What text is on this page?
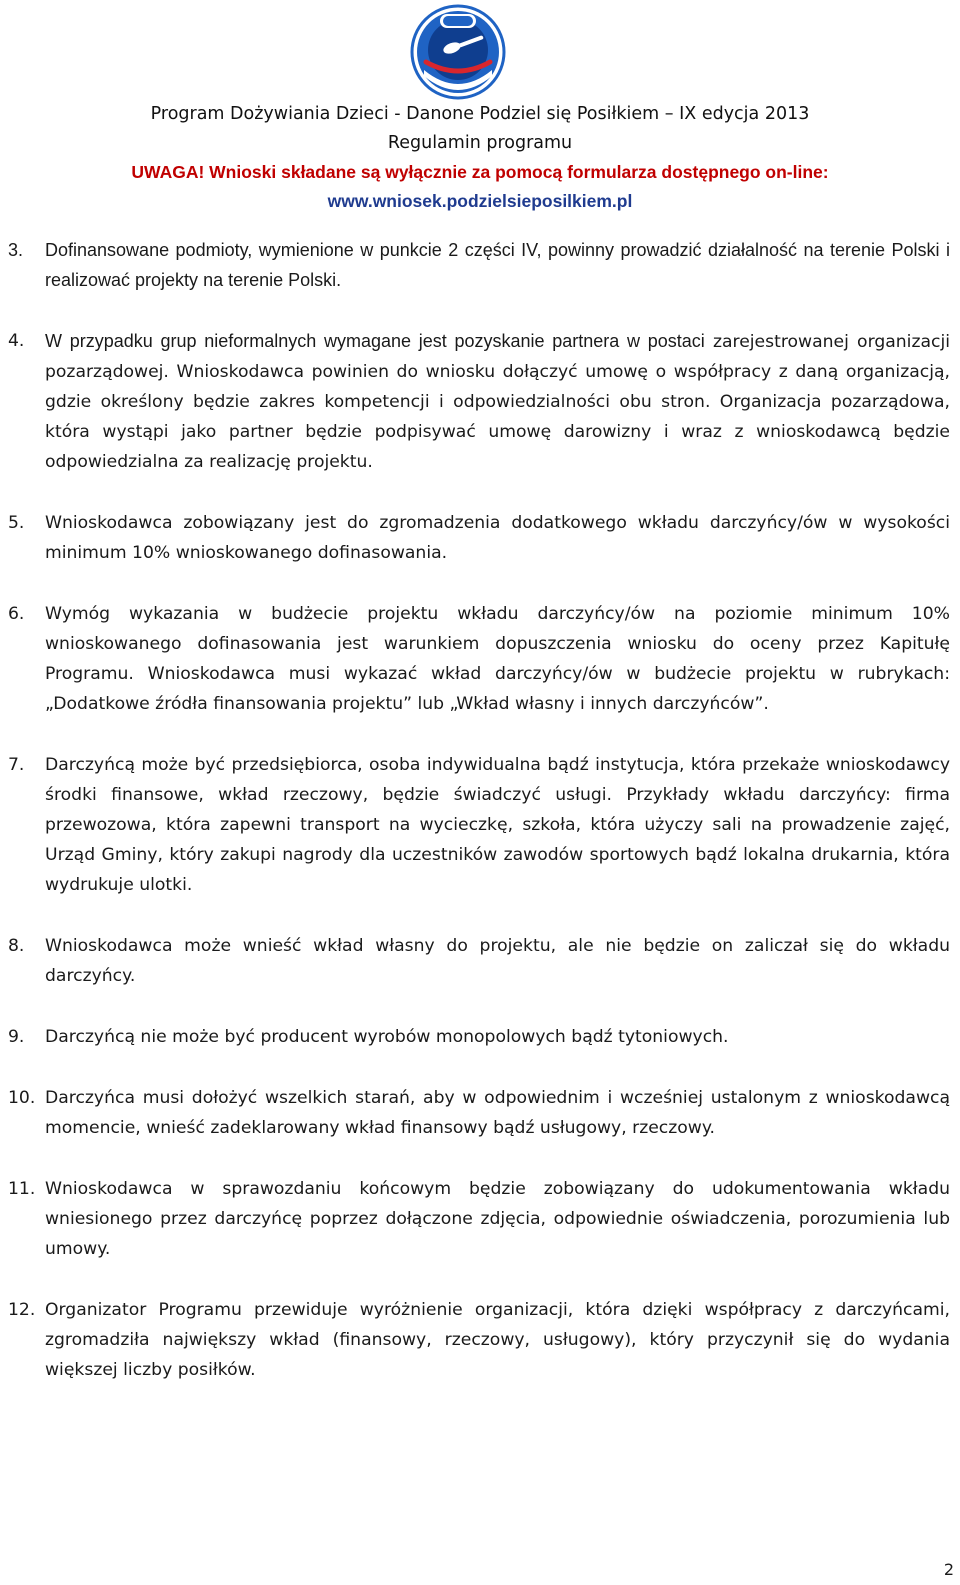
Program Dożywiania Dzieci - Danone Podziel się Posiłkiem – IX edycja 2013
Regulamin programu
UWAGA! Wnioski składane są wyłącznie za pomocą formularza dostępnego on-line:
www.wniosek.podzielsieposilkiem.pl
3. Dofinansowane podmioty, wymienione w punkcie 2 części IV, powinny prowadzić działalność na terenie Polski i realizować projekty na terenie Polski.
4. W przypadku grup nieformalnych wymagane jest pozyskanie partnera w postaci zarejestrowanej organizacji pozarządowej. Wnioskodawca powinien do wniosku dołączyć umowę o współpracy z daną organizacją, gdzie określony będzie zakres kompetencji i odpowiedzialności obu stron. Organizacja pozarządowa, która wystąpi jako partner będzie podpisywać umowę darowizny i wraz z wnioskodawcą będzie odpowiedzialna za realizację projektu.
5. Wnioskodawca zobowiązany jest do zgromadzenia dodatkowego wkładu darczyńcy/ów w wysokości minimum 10% wnioskowanego dofinasowania.
6. Wymóg wykazania w budżecie projektu wkładu darczyńcy/ów na poziomie minimum 10% wnioskowanego dofinasowania jest warunkiem dopuszczenia wniosku do oceny przez Kapitułę Programu. Wnioskodawca musi wykazać wkład darczyńcy/ów w budżecie projektu w rubrykach: „Dodatkowe źródła finansowania projektu” lub „Wkład własny i innych darczyńców”.
7. Darczyńcą może być przedsiębiorca, osoba indywidualna bądź instytucja, która przekaże wnioskodawcy środki finansowe, wkład rzeczowy, będzie świadczyć usługi. Przykłady wkładu darczyńcy: firma przewozowa, która zapewni transport na wycieczkę, szkoła, która użyczy sali na prowadzenie zajęć, Urząd Gminy, który zakupi nagrody dla uczestników zawodów sportowych bądź lokalna drukarnia, która wydrukuje ulotki.
8. Wnioskodawca może wnieść wkład własny do projektu, ale nie będzie on zaliczał się do wkładu darczyńcy.
9. Darczyńcą nie może być producent wyrobów monopolowych bądź tytoniowych.
10. Darczyńca musi dołożyć wszelkich starań, aby w odpowiednim i wcześniej ustalonym z wnioskodawcą momencie, wnieść zadeklarowany wkład finansowy bądź usługowy, rzeczowy.
11. Wnioskodawca w sprawozdaniu końcowym będzie zobowiązany do udokumentowania wkładu wniesionego przez darczyńcę poprzez dołączone zdjęcia, odpowiednie oświadczenia, porozumienia lub umowy.
12. Organizator Programu przewiduje wyróżnienie organizacji, która dzięki współpracy z darczyńcami, zgromadziła największy wkład (finansowy, rzeczowy, usługowy), który przyczynił się do wydania większej liczby posiłków.
2
